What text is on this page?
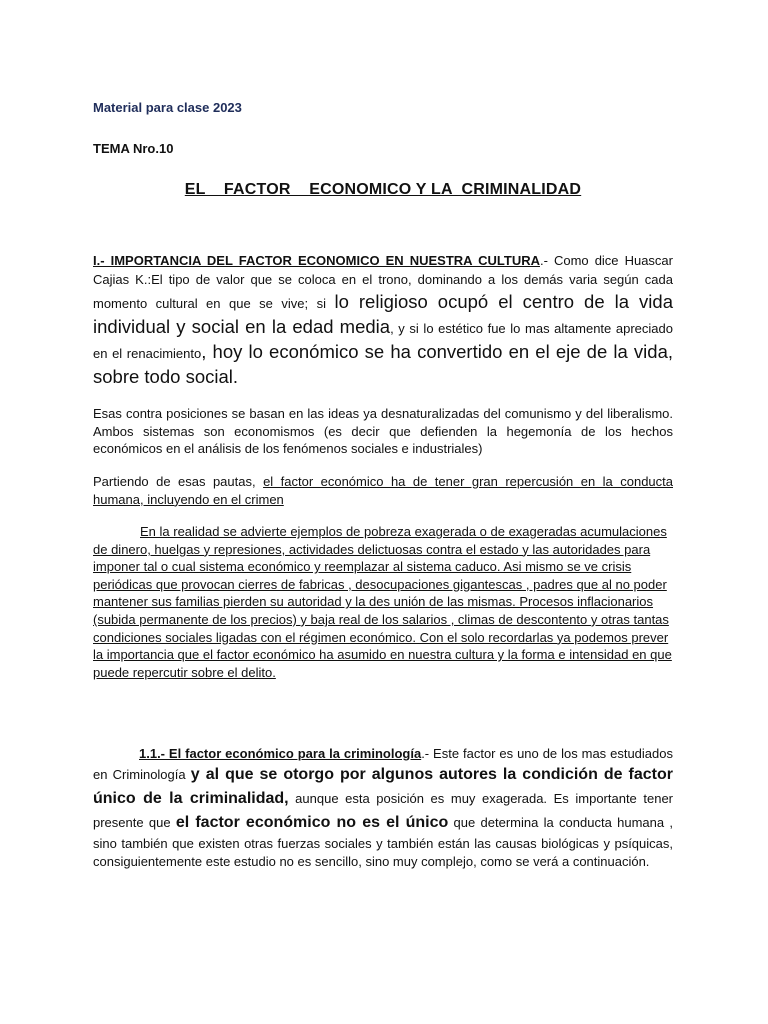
Material para clase 2023
TEMA Nro.10
EL    FACTOR    ECONOMICO Y LA  CRIMINALIDAD

I.- IMPORTANCIA DEL FACTOR ECONOMICO EN NUESTRA CULTURA.- Como dice Huascar Cajias K.:El tipo de valor que se coloca en el trono, dominando a los demás varia según cada momento cultural en que se vive; si lo religioso ocupó el centro de la vida individual y social en la edad media, y si lo estético fue lo mas altamente apreciado en el renacimiento, hoy lo económico se ha convertido en el eje de la vida, sobre todo social.

Esas contra posiciones se basan en las ideas ya desnaturalizadas del comunismo y del liberalismo. Ambos sistemas son economismos (es decir que defienden la hegemonía de los hechos económicos en el análisis de los fenómenos sociales e industriales)

Partiendo de esas pautas, el factor económico ha de tener gran repercusión en la conducta humana, incluyendo en el crimen

En la realidad se advierte ejemplos de pobreza exagerada o de exageradas acumulaciones de dinero, huelgas y represiones, actividades delictuosas contra el estado y las autoridades para imponer tal o cual sistema económico y reemplazar al sistema caduco. Asi mismo se ve crisis periódicas que provocan cierres de fabricas , desocupaciones gigantescas , padres que al no poder mantener sus familias pierden su autoridad y la des unión de las mismas. Procesos inflacionarios (subida permanente de los precios) y baja real de los salarios , climas de descontento y otras tantas condiciones sociales ligadas con el régimen económico. Con el solo recordarlas ya podemos prever la importancia que el factor económico ha asumido en nuestra cultura y la forma e intensidad en que puede repercutir sobre el delito.

1.1.- El factor económico para la criminología.- Este factor es uno de los mas estudiados en Criminología y al que se otorgo por algunos autores la condición de factor único de la criminalidad, aunque esta posición es muy exagerada. Es importante tener presente que el factor económico no es el único que determina la conducta humana , sino también que existen otras fuerzas sociales y también están las causas biológicas y psíquicas, consiguientemente este estudio no es sencillo, sino muy complejo, como se verá a continuación.
